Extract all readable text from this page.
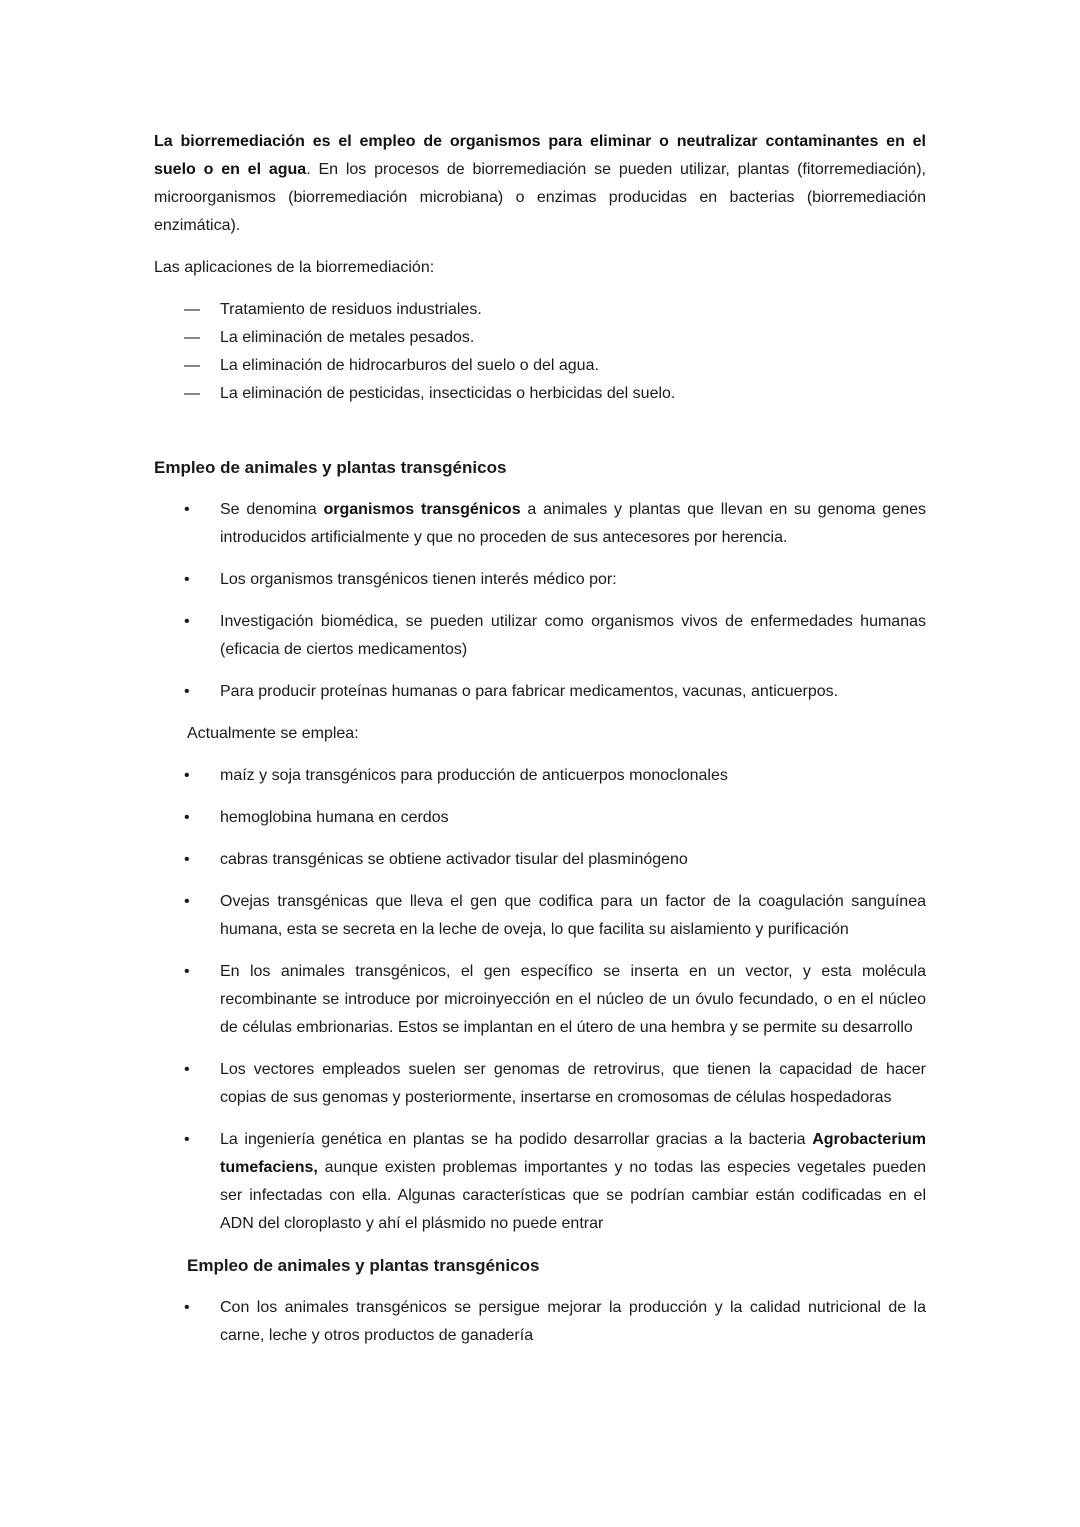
La biorremediación es el empleo de organismos para eliminar o neutralizar contaminantes en el suelo o en el agua. En los procesos de biorremediación se pueden utilizar, plantas (fitorremediación), microorganismos (biorremediación microbiana) o enzimas producidas en bacterias (biorremediación enzimática).

Las aplicaciones de la biorremediación:

— Tratamiento de residuos industriales.
— La eliminación de metales pesados.
— La eliminación de hidrocarburos del suelo o del agua.
— La eliminación de pesticidas, insecticidas o herbicidas del suelo.
Empleo de animales y plantas transgénicos
• Se denomina organismos transgénicos a animales y plantas que llevan en su genoma genes introducidos artificialmente y que no proceden de sus antecesores por herencia.
• Los organismos transgénicos tienen interés médico por:
• Investigación biomédica, se pueden utilizar como organismos vivos de enfermedades humanas (eficacia de ciertos medicamentos)
• Para producir proteínas humanas o para fabricar medicamentos, vacunas, anticuerpos.

Actualmente se emplea:

• maíz y soja transgénicos para producción de anticuerpos monoclonales
• hemoglobina humana en cerdos
• cabras transgénicas se obtiene activador tisular del plasminógeno
• Ovejas transgénicas que lleva el gen que codifica para un factor de la coagulación sanguínea humana, esta se secreta en la leche de oveja, lo que facilita su aislamiento y purificación
• En los animales transgénicos, el gen específico se inserta en un vector, y esta molécula recombinante se introduce por microinyección en el núcleo de un óvulo fecundado, o en el núcleo de células embrionarias. Estos se implantan en el útero de una hembra y se permite su desarrollo
• Los vectores empleados suelen ser genomas de retrovirus, que tienen la capacidad de hacer copias de sus genomas y posteriormente, insertarse en cromosomas de células hospedadoras
• La ingeniería genética en plantas se ha podido desarrollar gracias a la bacteria Agrobacterium tumefaciens, aunque existen problemas importantes y no todas las especies vegetales pueden ser infectadas con ella. Algunas características que se podrían cambiar están codificadas en el ADN del cloroplasto y ahí el plásmido no puede entrar
Empleo de animales y plantas transgénicos
• Con los animales transgénicos se persigue mejorar la producción y la calidad nutricional de la carne, leche y otros productos de ganadería
